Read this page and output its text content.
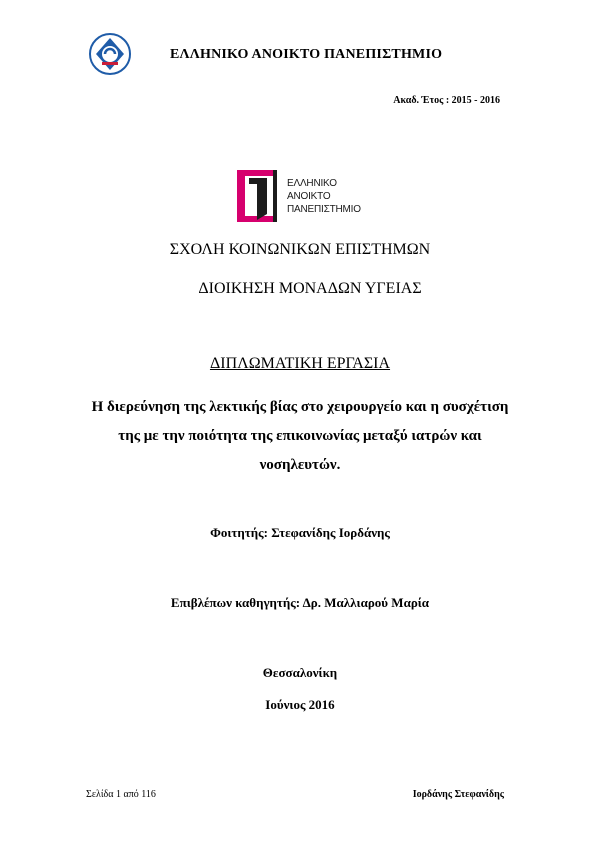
ΕΛΛΗΝΙΚΟ ΑΝΟΙΚΤΟ ΠΑΝΕΠΙΣΤΗΜΙΟ
Ακαδ. Έτος : 2015 - 2016
ΕΛΛΗΝΙΚΟ
ΑΝΟΙΚΤΟ
ΠΑΝΕΠΙΣΤΗΜΙΟ
ΣΧΟΛΗ ΚΟΙΝΩΝΙΚΩΝ ΕΠΙΣΤΗΜΩΝ
ΔΙΟΙΚΗΣΗ ΜΟΝΑΔΩΝ ΥΓΕΙΑΣ
ΔΙΠΛΩΜΑΤΙΚΗ ΕΡΓΑΣΙΑ
Η διερεύνηση της λεκτικής βίας στο χειρουργείο και η συσχέτιση
της με την ποιότητα της επικοινωνίας μεταξύ ιατρών και
νοσηλευτών.
Φοιτητής: Στεφανίδης Ιορδάνης
Επιβλέπων καθηγητής: Δρ. Μαλλιαρού Μαρία
Θεσσαλονίκη
Ιούνιος 2016
Σελίδα 1 από 116	Ιορδάνης Στεφανίδης
